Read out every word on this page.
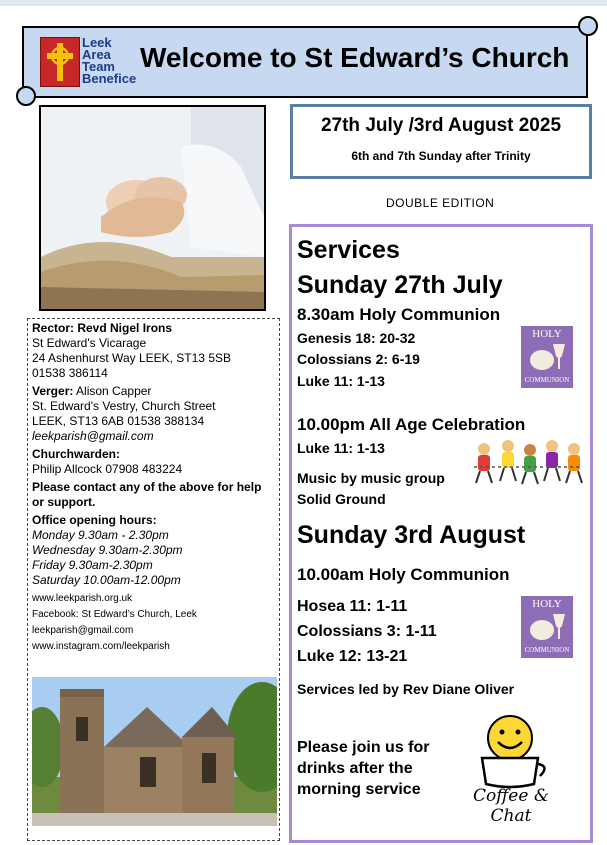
Leek
Area
Team
Benefice
Welcome to St Edward’s Church
Rector: Revd Nigel Irons
St Edward's Vicarage
24 Ashenhurst Way LEEK, ST13 5SB
01538 386114
Verger: Alison Capper
St. Edward's Vestry, Church Street
LEEK, ST13 6AB 01538 388134
leekparish@gmail.com
Churchwarden:
Philip Allcock 07908 483224
Please contact any of the above for help or support.
Office opening hours:
Monday 9.30am - 2.30pm
Wednesday 9.30am-2.30pm
Friday 9.30am-2.30pm
Saturday 10.00am-12.00pm
www.leekparish.org.uk
Facebook: St Edward’s Church, Leek
leekparish@gmail.com
www.instagram.com/leekparish
27th July /3rd August 2025
6th and 7th Sunday after Trinity
DOUBLE EDITION
Services
Sunday 27th July
8.30am Holy Communion
Genesis 18: 20-32
Colossians 2: 6-19
Luke 11: 1-13
HOLY
COMMUNION
10.00pm All Age Celebration
Luke 11: 1-13
Music by music group
Solid Ground
Sunday 3rd August
10.00am Holy Communion
Hosea 11: 1-11
Colossians 3: 1-11
Luke 12: 13-21
HOLY
COMMUNION
Services led by Rev Diane Oliver
Please join us for
drinks after the
morning service	Coffee & Chat
